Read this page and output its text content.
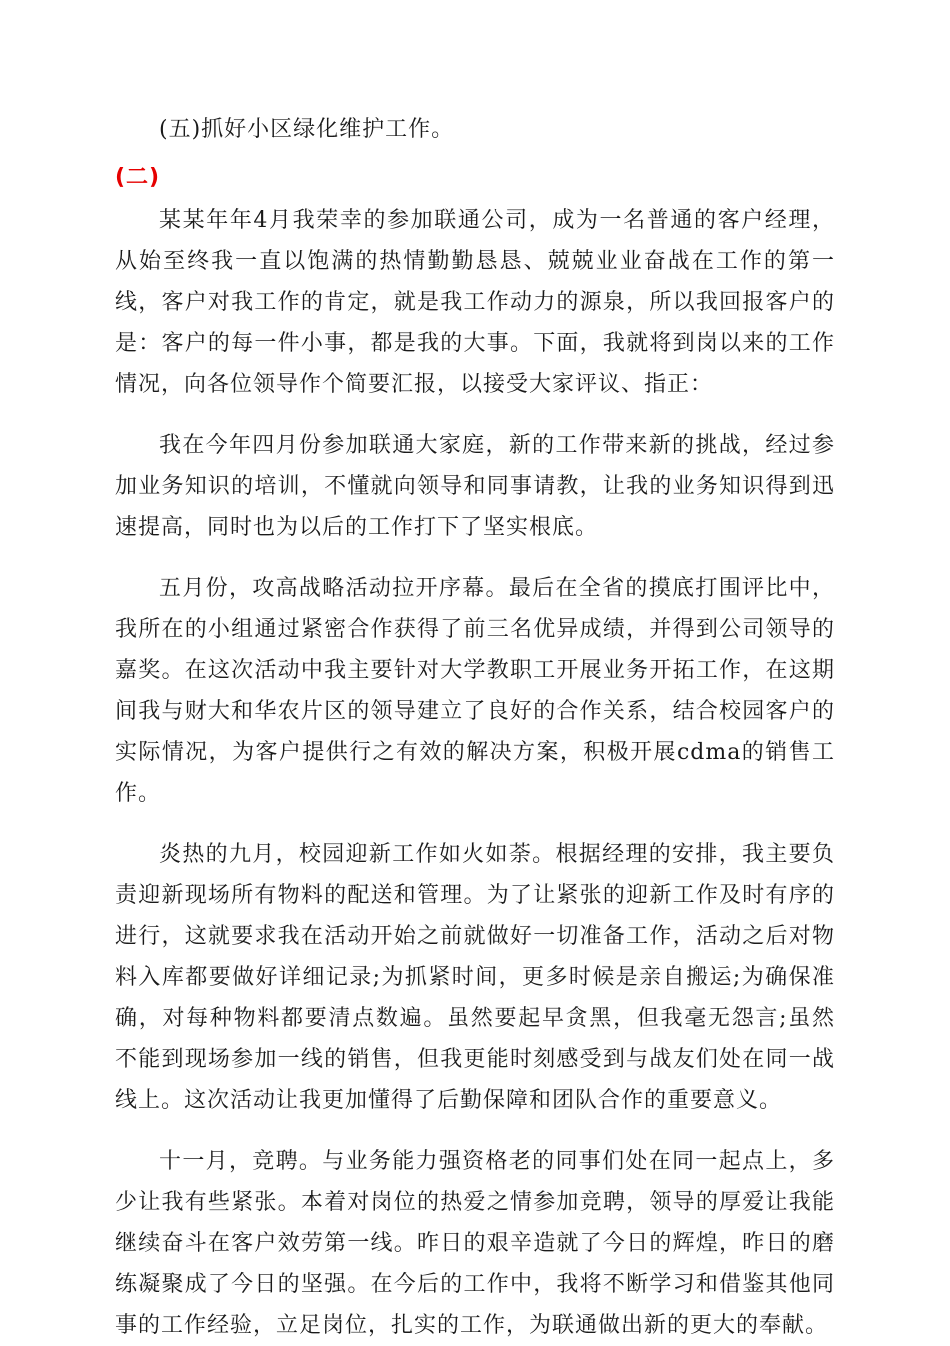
(五)抓好小区绿化维护工作。

(二)

某某年年4月我荣幸的参加联通公司，成为一名普通的客户经理，从始至终我一直以饱满的热情勤勤恳恳、兢兢业业奋战在工作的第一线，客户对我工作的肯定，就是我工作动力的源泉，所以我回报客户的是：客户的每一件小事，都是我的大事。下面，我就将到岗以来的工作情况，向各位领导作个简要汇报，以接受大家评议、指正：

我在今年四月份参加联通大家庭，新的工作带来新的挑战，经过参加业务知识的培训，不懂就向领导和同事请教，让我的业务知识得到迅速提高，同时也为以后的工作打下了坚实根底。

五月份，攻高战略活动拉开序幕。最后在全省的摸底打围评比中，我所在的小组通过紧密合作获得了前三名优异成绩，并得到公司领导的嘉奖。在这次活动中我主要针对大学教职工开展业务开拓工作，在这期间我与财大和华农片区的领导建立了良好的合作关系，结合校园客户的实际情况，为客户提供行之有效的解决方案，积极开展cdma的销售工作。

炎热的九月，校园迎新工作如火如荼。根据经理的安排，我主要负责迎新现场所有物料的配送和管理。为了让紧张的迎新工作及时有序的进行，这就要求我在活动开始之前就做好一切准备工作，活动之后对物料入库都要做好详细记录;为抓紧时间，更多时候是亲自搬运;为确保准确，对每种物料都要清点数遍。虽然要起早贪黑，但我毫无怨言;虽然不能到现场参加一线的销售，但我更能时刻感受到与战友们处在同一战线上。这次活动让我更加懂得了后勤保障和团队合作的重要意义。

十一月，竞聘。与业务能力强资格老的同事们处在同一起点上，多少让我有些紧张。本着对岗位的热爱之情参加竞聘，领导的厚爱让我能继续奋斗在客户效劳第一线。昨日的艰辛造就了今日的辉煌，昨日的磨练凝聚成了今日的坚强。在今后的工作中，我将不断学习和借鉴其他同事的工作经验，立足岗位，扎实的工作，为联通做出新的更大的奉献。
